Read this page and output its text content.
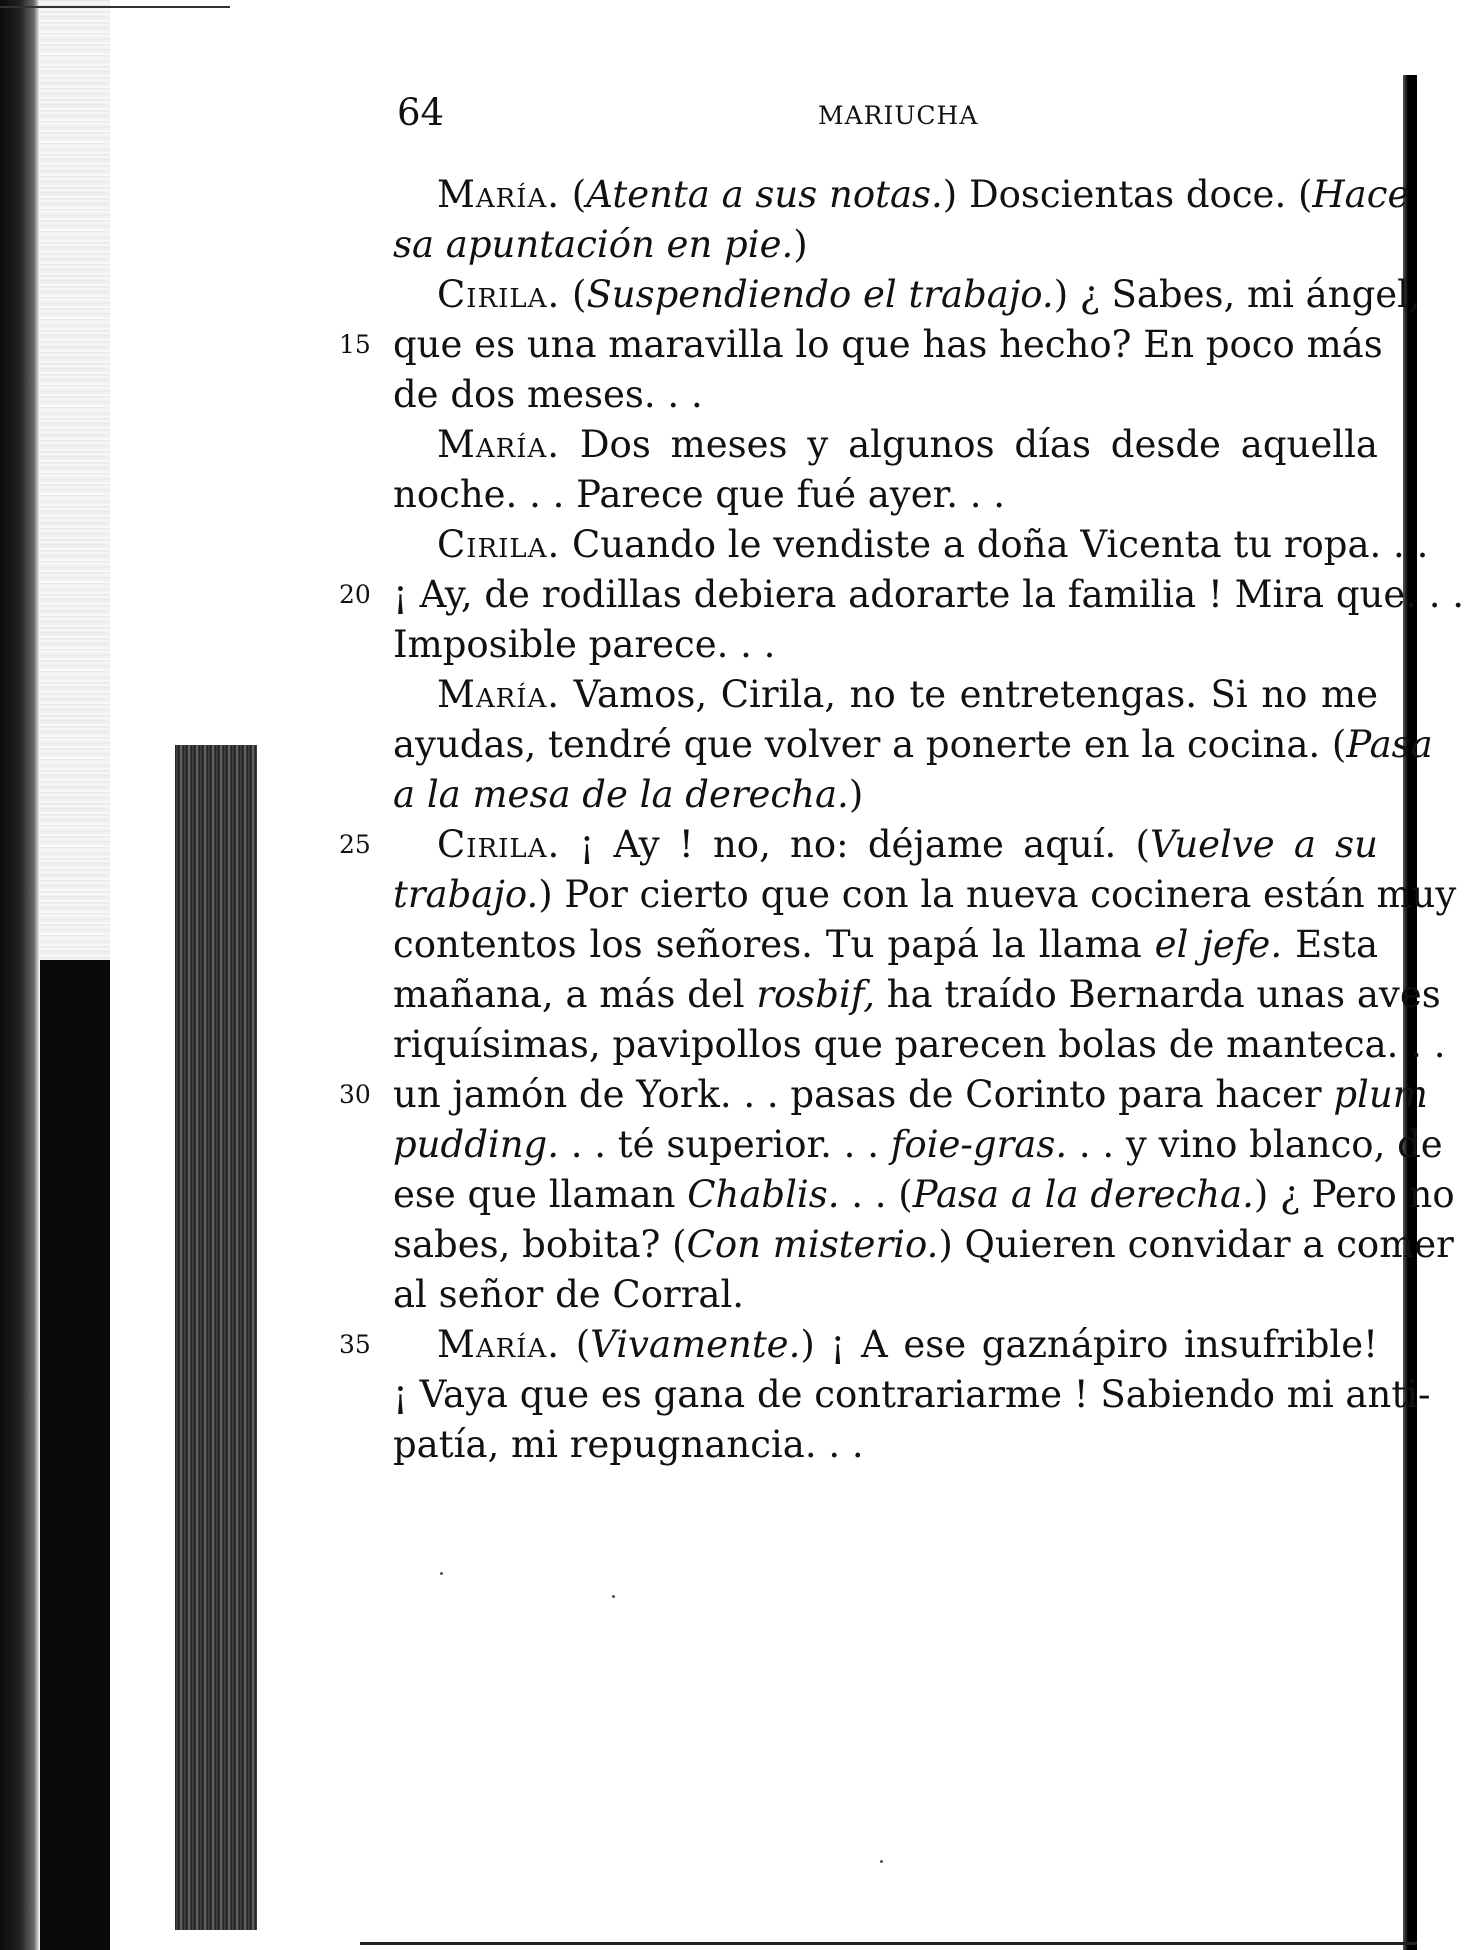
64	MARIUCHA
María. (Atenta a sus notas.) Doscientas doce. (Hace
sa apuntación en pie.)
Cirila. (Suspendiendo el trabajo.) ¿ Sabes, mi ángel,
15 que es una maravilla lo que has hecho? En poco más
de dos meses. . .
María. Dos meses y algunos días desde aquella
noche. . . Parece que fué ayer. . .
Cirila. Cuando le vendiste a doña Vicenta tu ropa. . .
20 ¡ Ay, de rodillas debiera adorarte la familia ! Mira que. . .
Imposible parece. . .
María. Vamos, Cirila, no te entretengas. Si no me
ayudas, tendré que volver a ponerte en la cocina. (Pasa
a la mesa de la derecha.)
25 Cirila. ¡ Ay ! no, no: déjame aquí. (Vuelve a su
trabajo.) Por cierto que con la nueva cocinera están muy
contentos los señores. Tu papá la llama el jefe. Esta
mañana, a más del rosbif, ha traído Bernarda unas aves
riquísimas, pavipollos que parecen bolas de manteca. . .
30 un jamón de York. . . pasas de Corinto para hacer plum
pudding. . . té superior. . . foie-gras. . . y vino blanco, de
ese que llaman Chablis. . . (Pasa a la derecha.) ¿ Pero no
sabes, bobita? (Con misterio.) Quieren convidar a comer
al señor de Corral.
35 María. (Vivamente.) ¡ A ese gaznápiro insufrible!
¡ Vaya que es gana de contrariarme ! Sabiendo mi anti-
patía, mi repugnancia. . .
